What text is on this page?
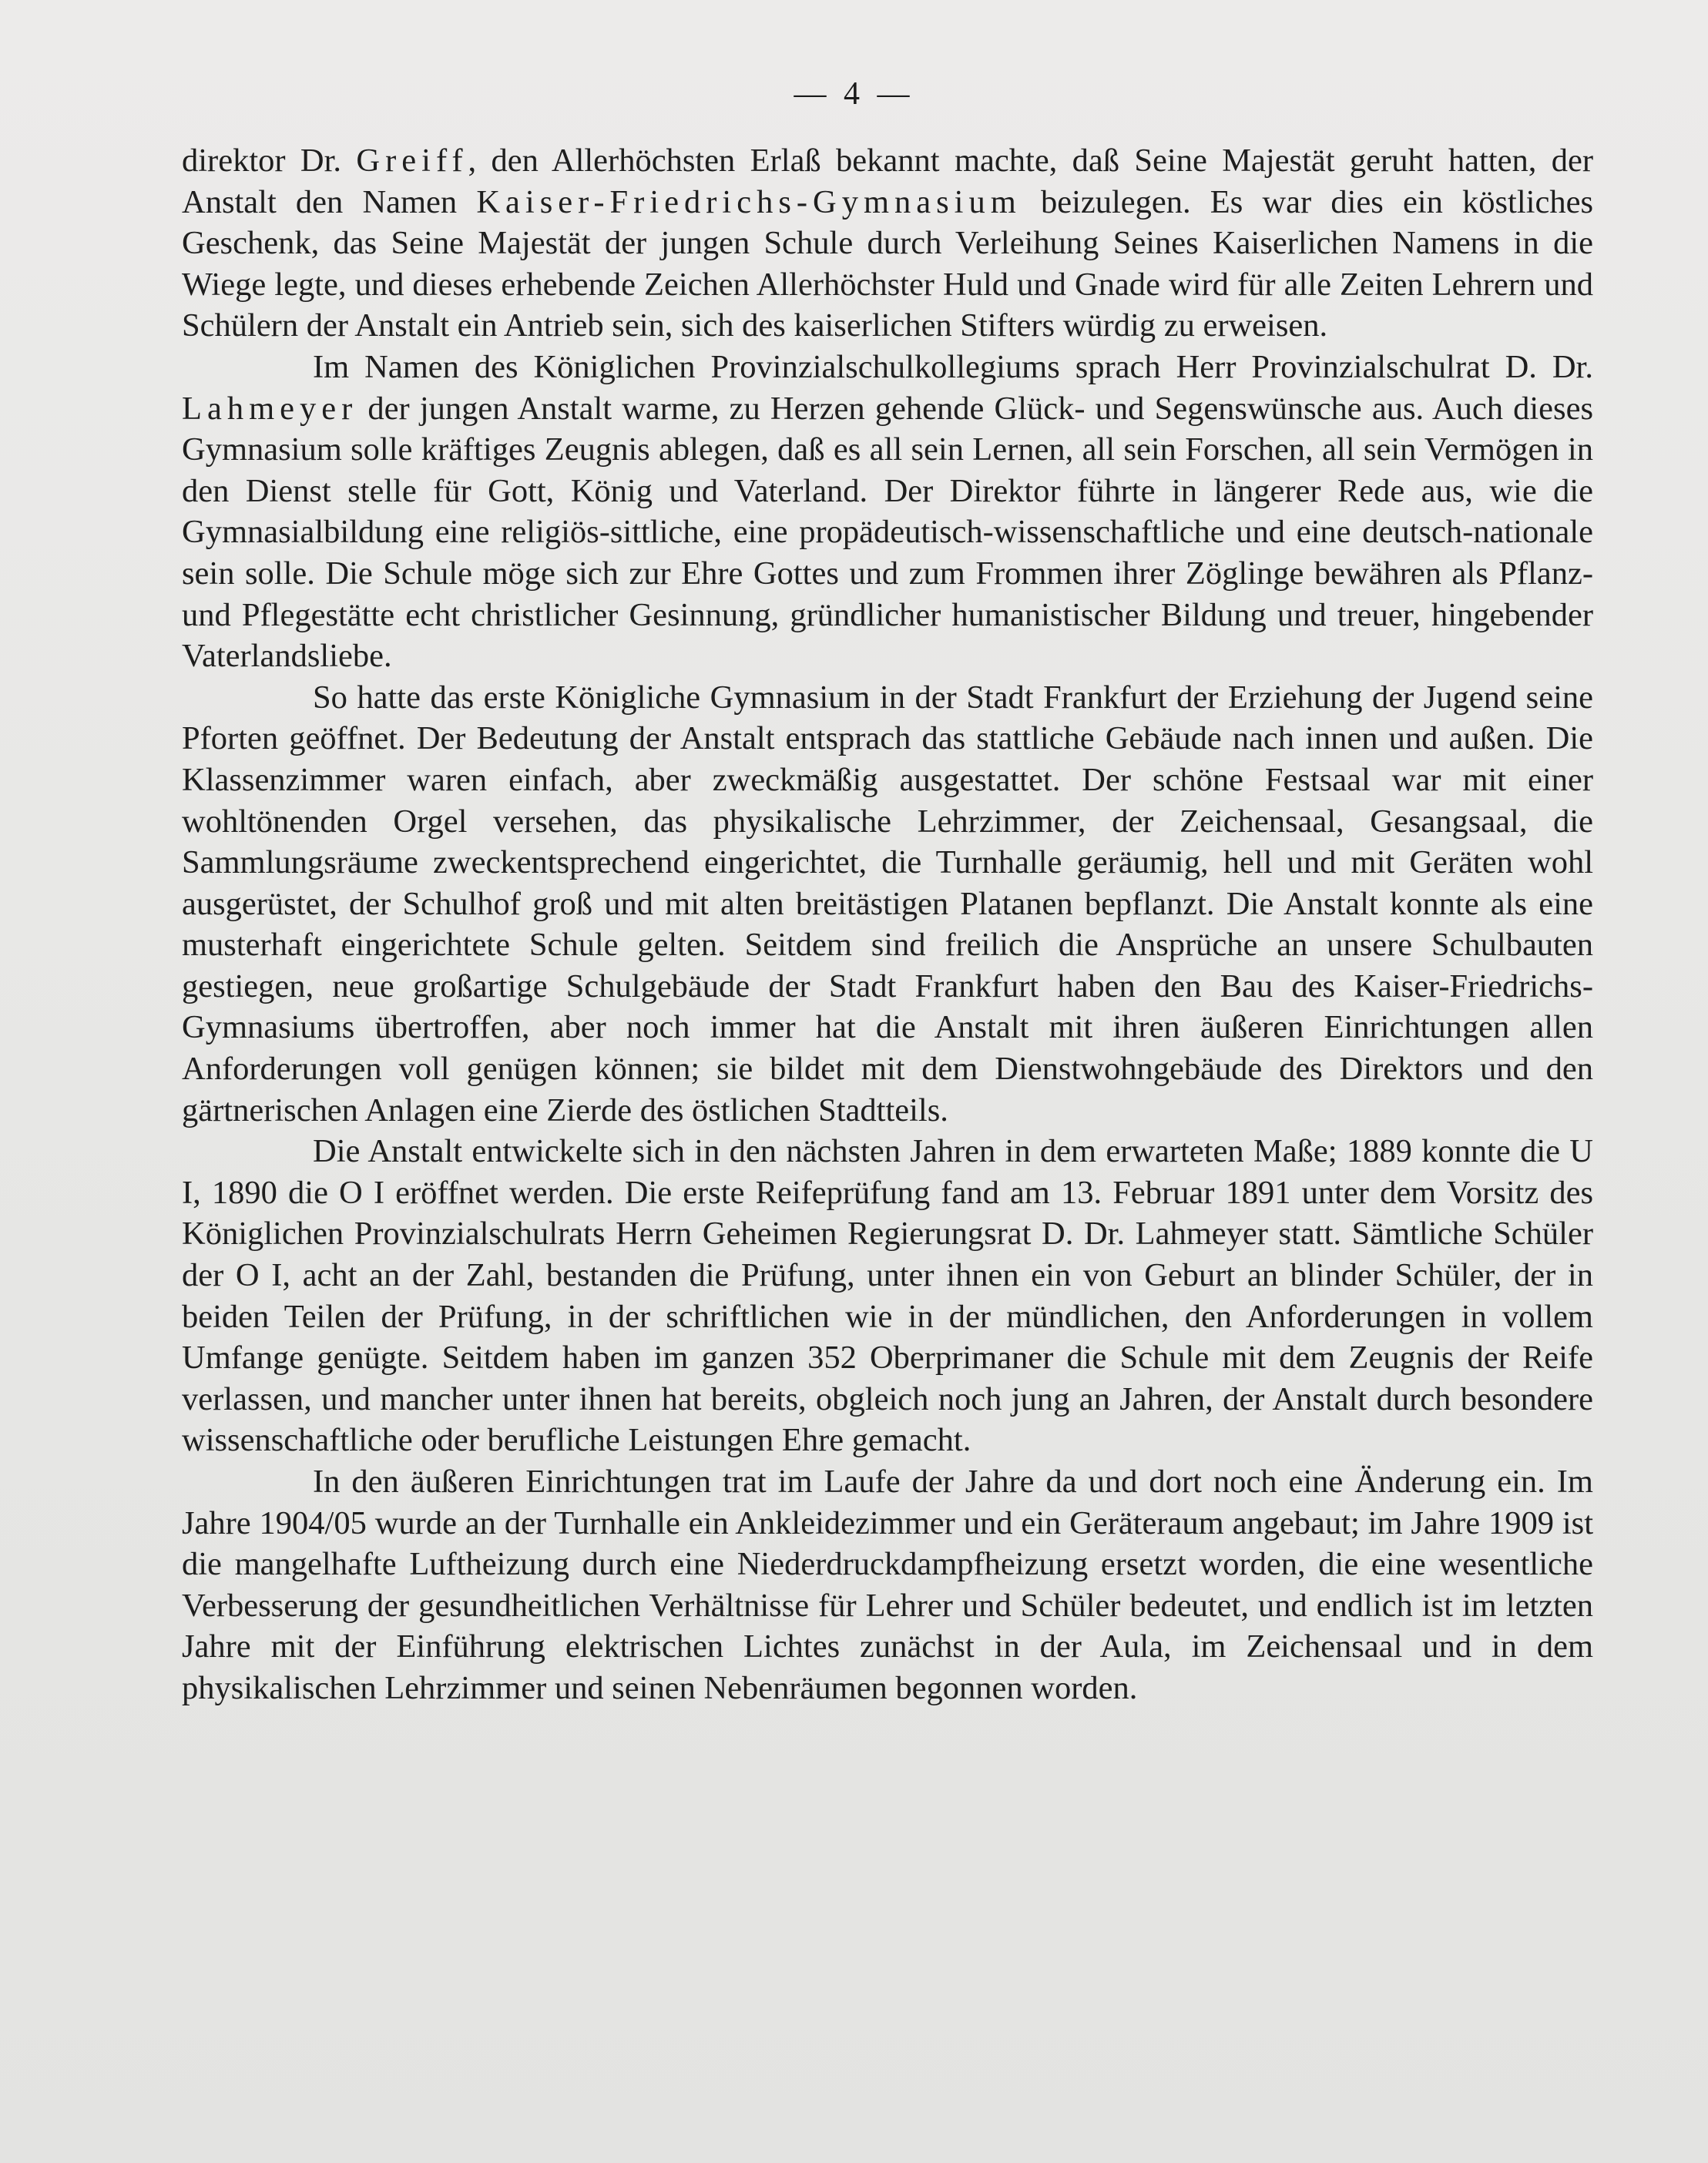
— 4 —

direktor Dr. Greiff, den Allerhöchsten Erlaß bekannt machte, daß Seine Majestät geruht hatten, der Anstalt den Namen Kaiser-Friedrichs-Gymnasium beizulegen. Es war dies ein köstliches Geschenk, das Seine Majestät der jungen Schule durch Verleihung Seines Kaiserlichen Namens in die Wiege legte, und dieses erhebende Zeichen Allerhöchster Huld und Gnade wird für alle Zeiten Lehrern und Schülern der Anstalt ein Antrieb sein, sich des kaiserlichen Stifters würdig zu erweisen.

Im Namen des Königlichen Provinzialschulkollegiums sprach Herr Provinzialschulrat D. Dr. Lahmeyer der jungen Anstalt warme, zu Herzen gehende Glück- und Segenswünsche aus. Auch dieses Gymnasium solle kräftiges Zeugnis ablegen, daß es all sein Lernen, all sein Forschen, all sein Vermögen in den Dienst stelle für Gott, König und Vaterland. Der Direktor führte in längerer Rede aus, wie die Gymnasialbildung eine religiös-sittliche, eine propädeutisch-wissenschaftliche und eine deutsch-nationale sein solle. Die Schule möge sich zur Ehre Gottes und zum Frommen ihrer Zöglinge bewähren als Pflanz- und Pflegestätte echt christlicher Gesinnung, gründlicher humanistischer Bildung und treuer, hingebender Vaterlandsliebe.

So hatte das erste Königliche Gymnasium in der Stadt Frankfurt der Erziehung der Jugend seine Pforten geöffnet. Der Bedeutung der Anstalt entsprach das stattliche Gebäude nach innen und außen. Die Klassenzimmer waren einfach, aber zweckmäßig ausgestattet. Der schöne Festsaal war mit einer wohltönenden Orgel versehen, das physikalische Lehrzimmer, der Zeichensaal, Gesangsaal, die Sammlungsräume zweckentsprechend eingerichtet, die Turnhalle geräumig, hell und mit Geräten wohl ausgerüstet, der Schulhof groß und mit alten breitästigen Platanen bepflanzt. Die Anstalt konnte als eine musterhaft eingerichtete Schule gelten. Seitdem sind freilich die Ansprüche an unsere Schulbauten gestiegen, neue großartige Schulgebäude der Stadt Frankfurt haben den Bau des Kaiser-Friedrichs-Gymnasiums übertroffen, aber noch immer hat die Anstalt mit ihren äußeren Einrichtungen allen Anforderungen voll genügen können; sie bildet mit dem Dienstwohngebäude des Direktors und den gärtnerischen Anlagen eine Zierde des östlichen Stadtteils.

Die Anstalt entwickelte sich in den nächsten Jahren in dem erwarteten Maße; 1889 konnte die U I, 1890 die O I eröffnet werden. Die erste Reifeprüfung fand am 13. Februar 1891 unter dem Vorsitz des Königlichen Provinzialschulrats Herrn Geheimen Regierungsrat D. Dr. Lahmeyer statt. Sämtliche Schüler der O I, acht an der Zahl, bestanden die Prüfung, unter ihnen ein von Geburt an blinder Schüler, der in beiden Teilen der Prüfung, in der schriftlichen wie in der mündlichen, den Anforderungen in vollem Umfange genügte. Seitdem haben im ganzen 352 Oberprimaner die Schule mit dem Zeugnis der Reife verlassen, und mancher unter ihnen hat bereits, obgleich noch jung an Jahren, der Anstalt durch besondere wissenschaftliche oder berufliche Leistungen Ehre gemacht.

In den äußeren Einrichtungen trat im Laufe der Jahre da und dort noch eine Änderung ein. Im Jahre 1904/05 wurde an der Turnhalle ein Ankleidezimmer und ein Geräteraum angebaut; im Jahre 1909 ist die mangelhafte Luftheizung durch eine Niederdruckdampfheizung ersetzt worden, die eine wesentliche Verbesserung der gesundheitlichen Verhältnisse für Lehrer und Schüler bedeutet, und endlich ist im letzten Jahre mit der Einführung elektrischen Lichtes zunächst in der Aula, im Zeichensaal und in dem physikalischen Lehrzimmer und seinen Nebenräumen begonnen worden.
